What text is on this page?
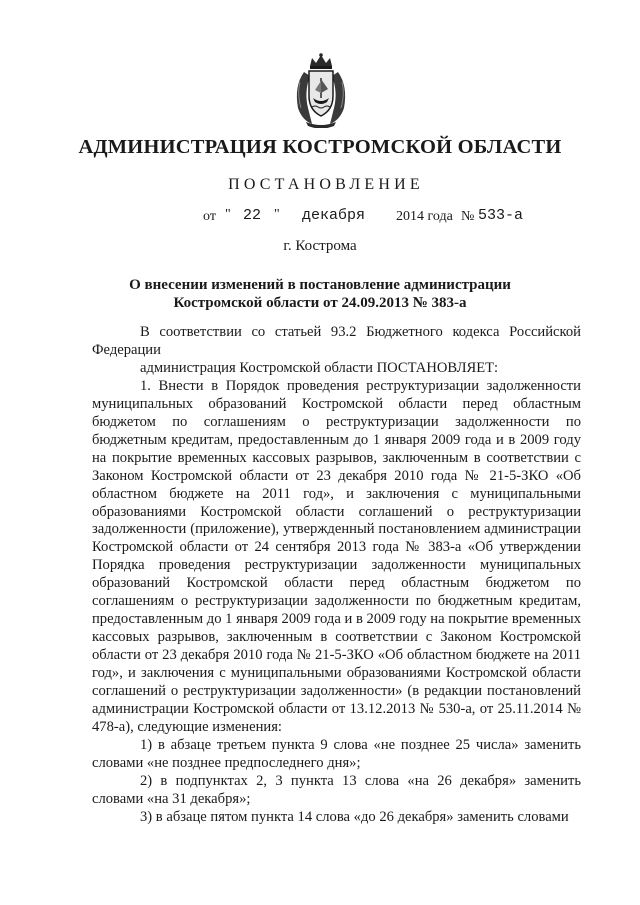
АДМИНИСТРАЦИЯ КОСТРОМСКОЙ ОБЛАСТИ
ПОСТАНОВЛЕНИЕ
от " 22 " декабря 2014 года № 533-а
г. Кострома
О внесении изменений в постановление администрации Костромской области от 24.09.2013 № 383-а

В соответствии со статьей 93.2 Бюджетного кодекса Российской Федерации

администрация Костромской области ПОСТАНОВЛЯЕТ:

1. Внести в Порядок проведения реструктуризации задолженности муниципальных образований Костромской области перед областным бюджетом по соглашениям о реструктуризации задолженности по бюджетным кредитам, предоставленным до 1 января 2009 года и в 2009 году на покрытие временных кассовых разрывов, заключенным в соответствии с Законом Костромской области от 23 декабря 2010 года № 21-5-ЗКО «Об областном бюджете на 2011 год», и заключения с муниципальными образованиями Костромской области соглашений о реструктуризации задолженности (приложение), утвержденный постановлением администрации Костромской области от 24 сентября 2013 года № 383-а «Об утверждении Порядка проведения реструктуризации задолженности муниципальных образований Костромской области перед областным бюджетом по соглашениям о реструктуризации задолженности по бюджетным кредитам, предоставленным до 1 января 2009 года и в 2009 году на покрытие временных кассовых разрывов, заключенным в соответствии с Законом Костромской области от 23 декабря 2010 года № 21-5-ЗКО «Об областном бюджете на 2011 год», и заключения с муниципальными образованиями Костромской области соглашений о реструктуризации задолженности» (в редакции постановлений администрации Костромской области от 13.12.2013 № 530-а, от 25.11.2014 № 478-а), следующие изменения:

1) в абзаце третьем пункта 9 слова «не позднее 25 числа» заменить словами «не позднее предпоследнего дня»;

2) в подпунктах 2, 3 пункта 13 слова «на 26 декабря» заменить словами «на 31 декабря»;

3) в абзаце пятом пункта 14 слова «до 26 декабря» заменить словами
